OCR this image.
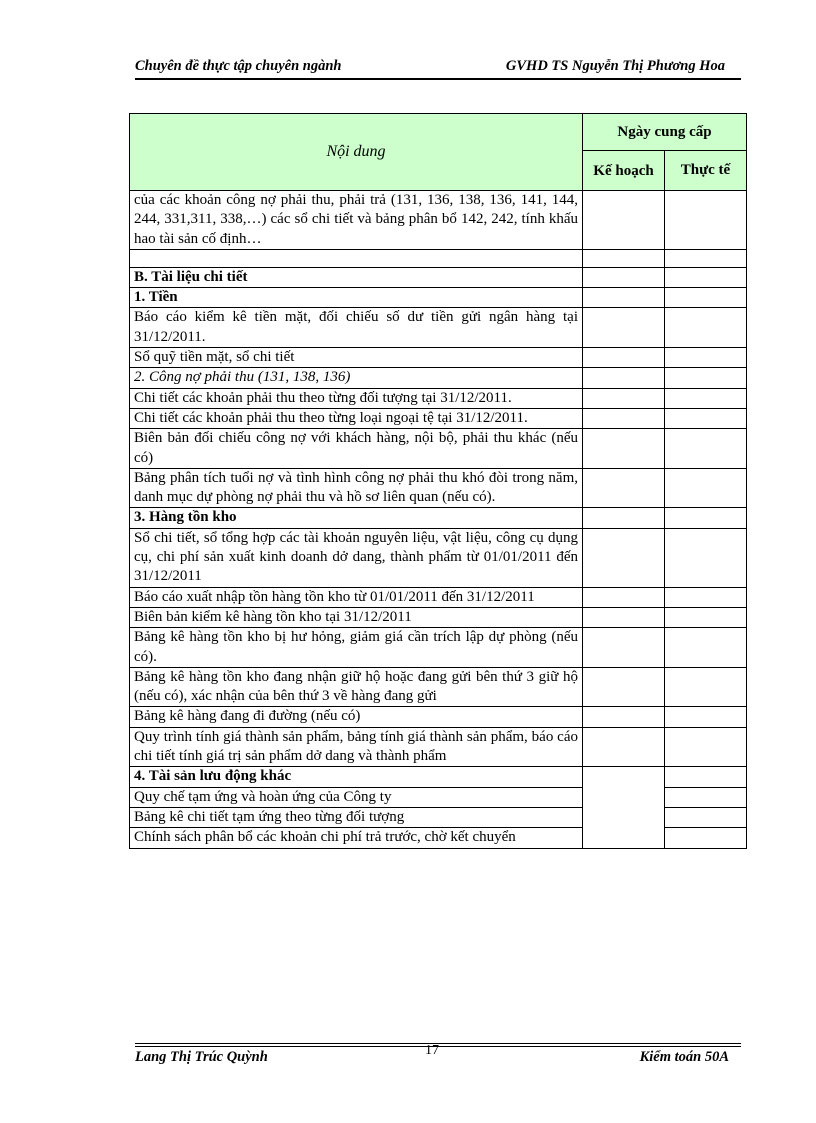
Chuyên đề thực tập chuyên ngành	GVHD TS Nguyễn Thị Phương Hoa
Nội dung	Ngày cung cấp	
	Kế hoạch	Thực tế
của các khoản công nợ phải thu, phải trả (131, 136, 138, 136, 141, 144, 244, 331,311, 338,…) các sổ chi tiết và bảng phân bổ 142, 242, tính khấu hao tài sản cố định…		

B. Tài liệu chi tiết		
1. Tiền		
Báo cáo kiểm kê tiền mặt, đối chiếu số dư tiền gửi ngân hàng tại 31/12/2011.		
Sổ quỹ tiền mặt, sổ chi tiết		
2. Công nợ phải thu (131, 138, 136)		
Chi tiết các khoản phải thu theo từng đối tượng tại 31/12/2011.		
Chi tiết các khoản phải thu theo từng loại ngoại tệ tại 31/12/2011.		
Biên bản đối chiếu công nợ với khách hàng, nội bộ, phải thu khác (nếu có)		
Bảng phân tích tuổi nợ và tình hình công nợ phải thu khó đòi trong năm, danh mục dự phòng nợ phải thu và hồ sơ liên quan (nếu có).		
3. Hàng tồn kho		
Sổ chi tiết, sổ tổng hợp các tài khoản nguyên liệu, vật liệu, công cụ dụng cụ, chi phí sản xuất kinh doanh dở dang, thành phẩm từ 01/01/2011 đến 31/12/2011		
Báo cáo xuất nhập tồn hàng tồn kho từ 01/01/2011 đến 31/12/2011		
Biên bản kiểm kê hàng tồn kho tại 31/12/2011		
Bảng kê hàng tồn kho bị hư hỏng, giảm giá cần trích lập dự phòng (nếu có).		
Bảng kê hàng tồn kho đang nhận giữ hộ hoặc đang gửi bên thứ 3 giữ hộ (nếu có), xác nhận của bên thứ 3 về hàng đang gửi		
Bảng kê hàng đang đi đường (nếu có)		
Quy trình tính giá thành sản phẩm, bảng tính giá thành sản phẩm, báo cáo chi tiết tính giá trị sản phẩm dở dang và thành phẩm		
4. Tài sản lưu động khác		
Quy chế tạm ứng và hoàn ứng của Công ty		
Bảng kê chi tiết tạm ứng theo từng đối tượng		
Chính sách phân bổ các khoản chi phí trả trước, chờ kết chuyển		
Lang Thị Trúc Quỳnh	17	Kiểm toán 50A
